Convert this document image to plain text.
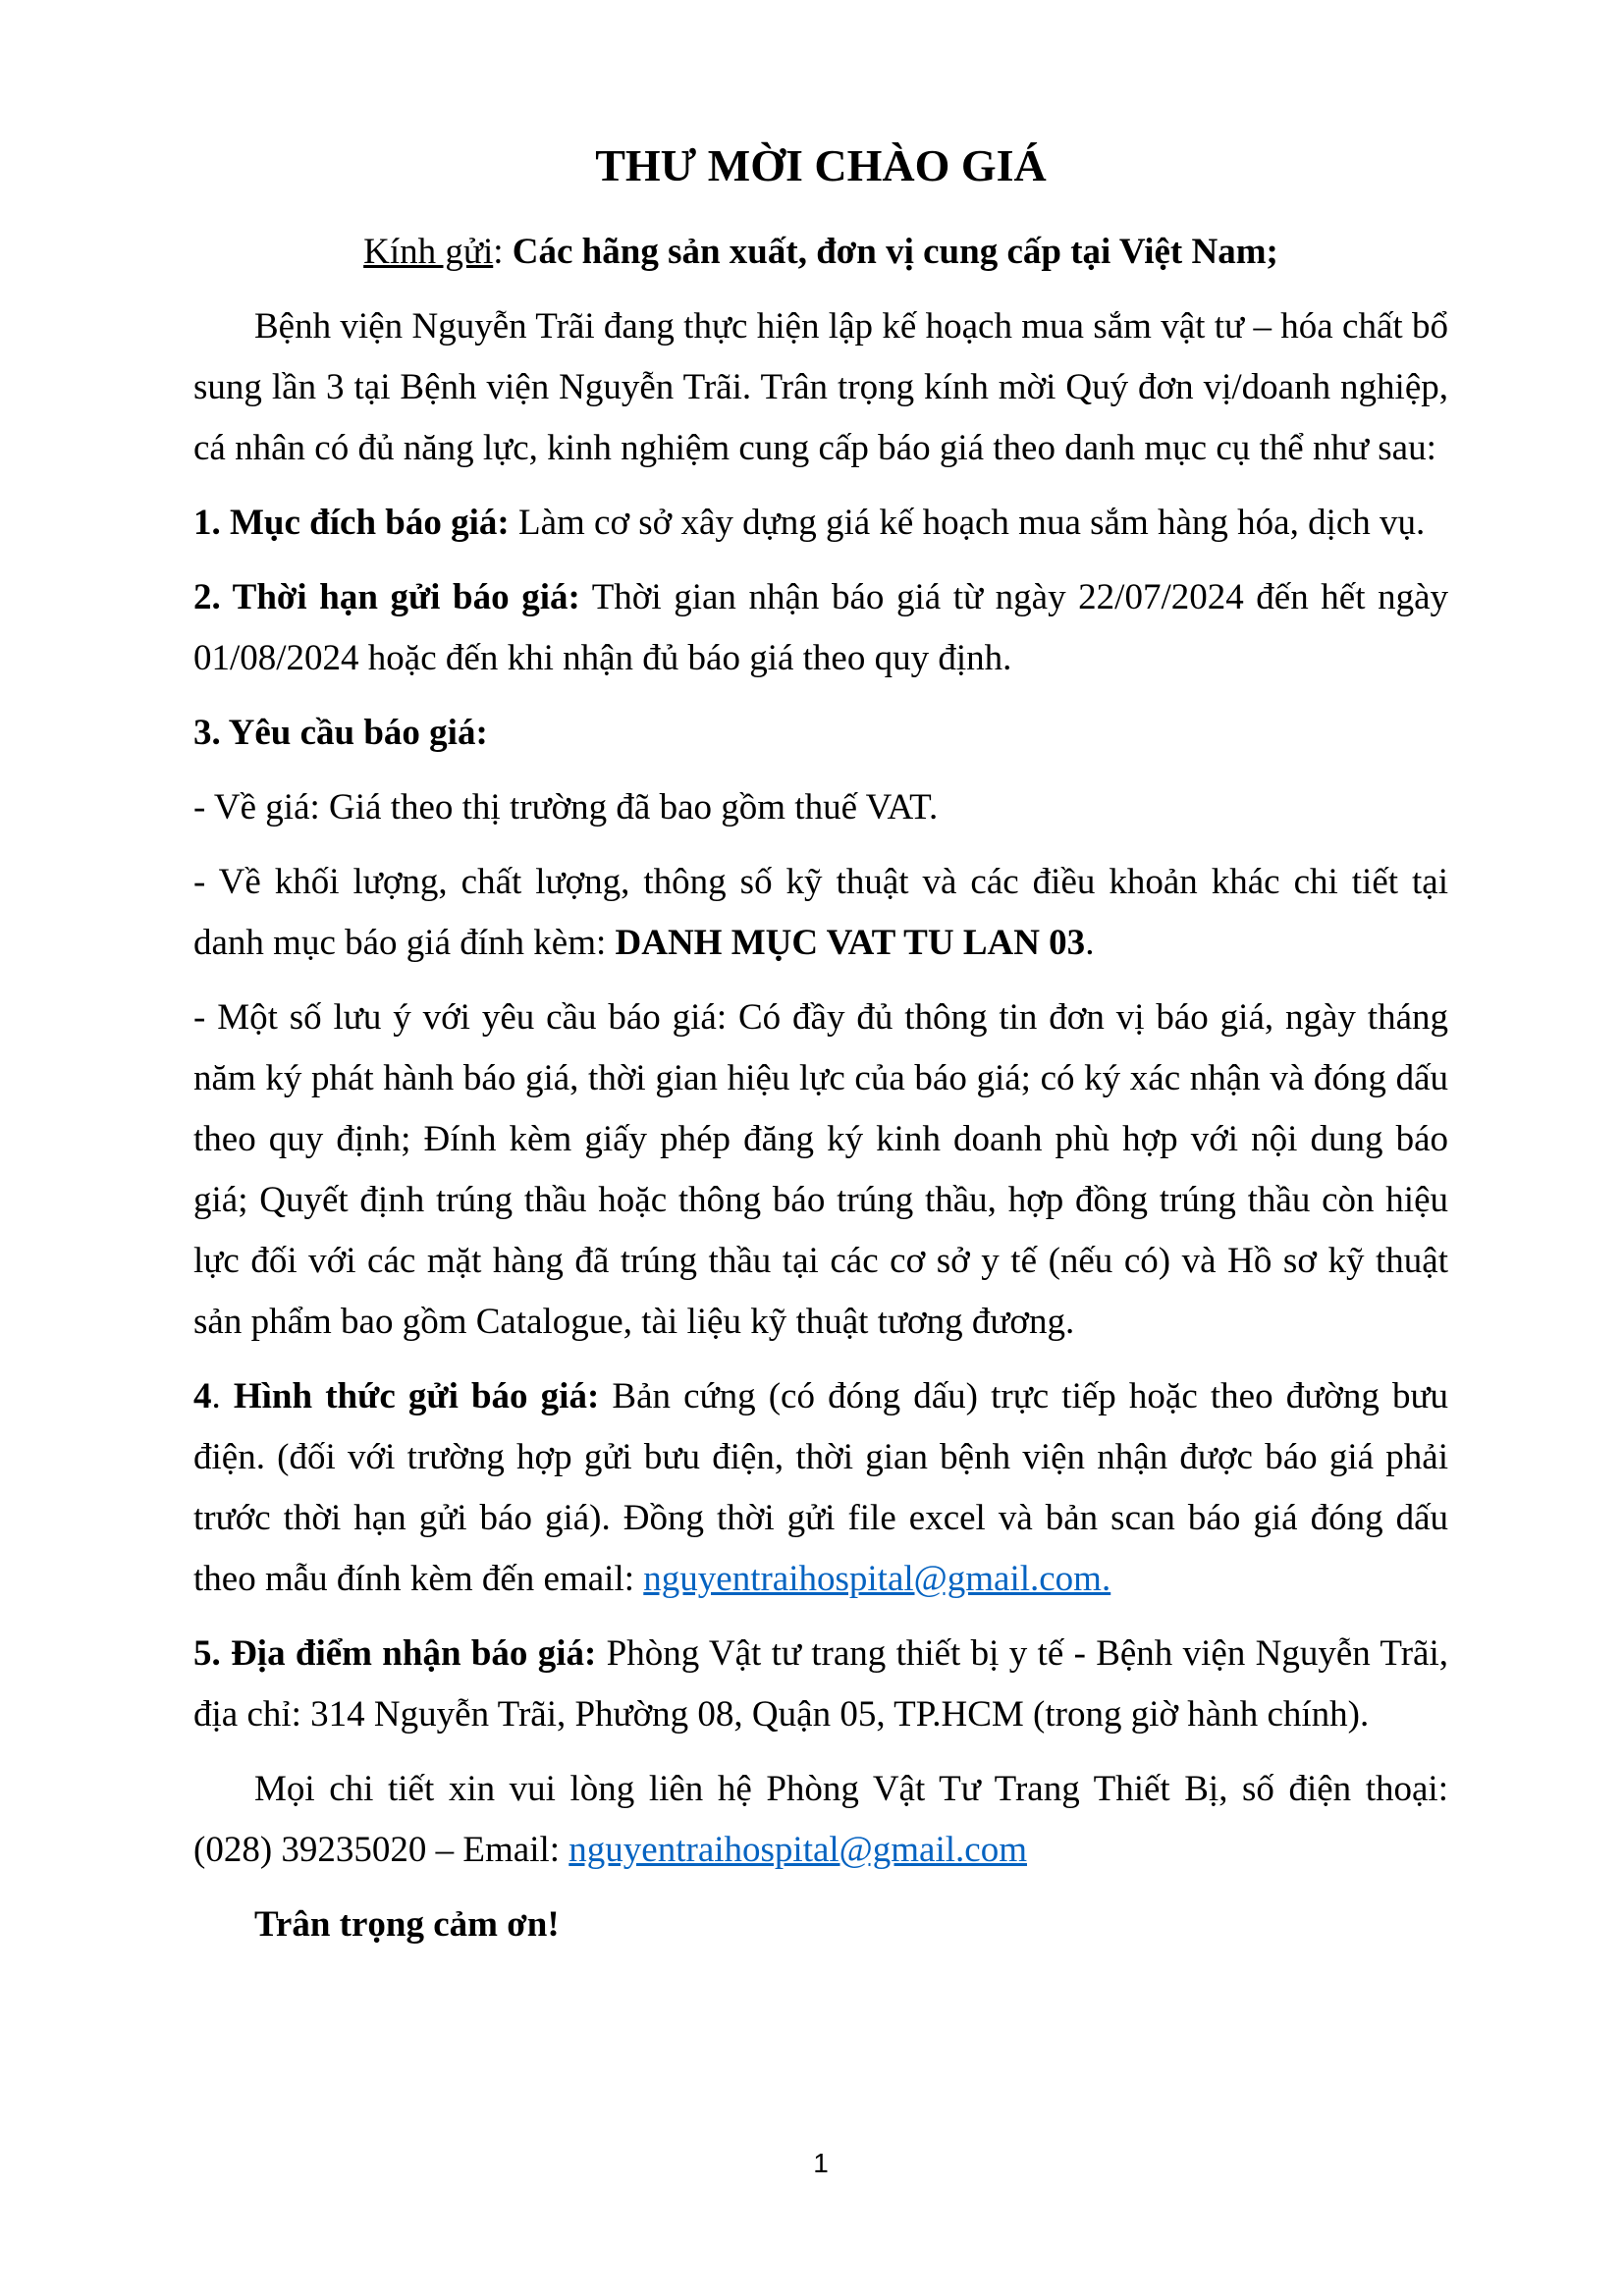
THƯ MỜI CHÀO GIÁ

Kính gửi: Các hãng sản xuất, đơn vị cung cấp tại Việt Nam;

Bệnh viện Nguyễn Trãi đang thực hiện lập kế hoạch mua sắm vật tư – hóa chất bổ sung lần 3 tại Bệnh viện Nguyễn Trãi. Trân trọng kính mời Quý đơn vị/doanh nghiệp, cá nhân có đủ năng lực, kinh nghiệm cung cấp báo giá theo danh mục cụ thể như sau:

1. Mục đích báo giá: Làm cơ sở xây dựng giá kế hoạch mua sắm hàng hóa, dịch vụ.

2. Thời hạn gửi báo giá: Thời gian nhận báo giá từ ngày 22/07/2024 đến hết ngày 01/08/2024 hoặc đến khi nhận đủ báo giá theo quy định.

3. Yêu cầu báo giá:

- Về giá: Giá theo thị trường đã bao gồm thuế VAT.

- Về khối lượng, chất lượng, thông số kỹ thuật và các điều khoản khác chi tiết tại danh mục báo giá đính kèm: DANH MỤC VAT TU LAN 03.

- Một số lưu ý với yêu cầu báo giá: Có đầy đủ thông tin đơn vị báo giá, ngày tháng năm ký phát hành báo giá, thời gian hiệu lực của báo giá; có ký xác nhận và đóng dấu theo quy định; Đính kèm giấy phép đăng ký kinh doanh phù hợp với nội dung báo giá; Quyết định trúng thầu hoặc thông báo trúng thầu, hợp đồng trúng thầu còn hiệu lực đối với các mặt hàng đã trúng thầu tại các cơ sở y tế (nếu có) và Hồ sơ kỹ thuật sản phẩm bao gồm Catalogue, tài liệu kỹ thuật tương đương.

4. Hình thức gửi báo giá: Bản cứng (có đóng dấu) trực tiếp hoặc theo đường bưu điện. (đối với trường hợp gửi bưu điện, thời gian bệnh viện nhận được báo giá phải trước thời hạn gửi báo giá). Đồng thời gửi file excel và bản scan báo giá đóng dấu theo mẫu đính kèm đến email: nguyentraihospital@gmail.com.

5. Địa điểm nhận báo giá: Phòng Vật tư trang thiết bị y tế - Bệnh viện Nguyễn Trãi, địa chỉ: 314 Nguyễn Trãi, Phường 08, Quận 05, TP.HCM (trong giờ hành chính).

Mọi chi tiết xin vui lòng liên hệ Phòng Vật Tư Trang Thiết Bị, số điện thoại: (028) 39235020 – Email: nguyentraihospital@gmail.com

Trân trọng cảm ơn!

1
